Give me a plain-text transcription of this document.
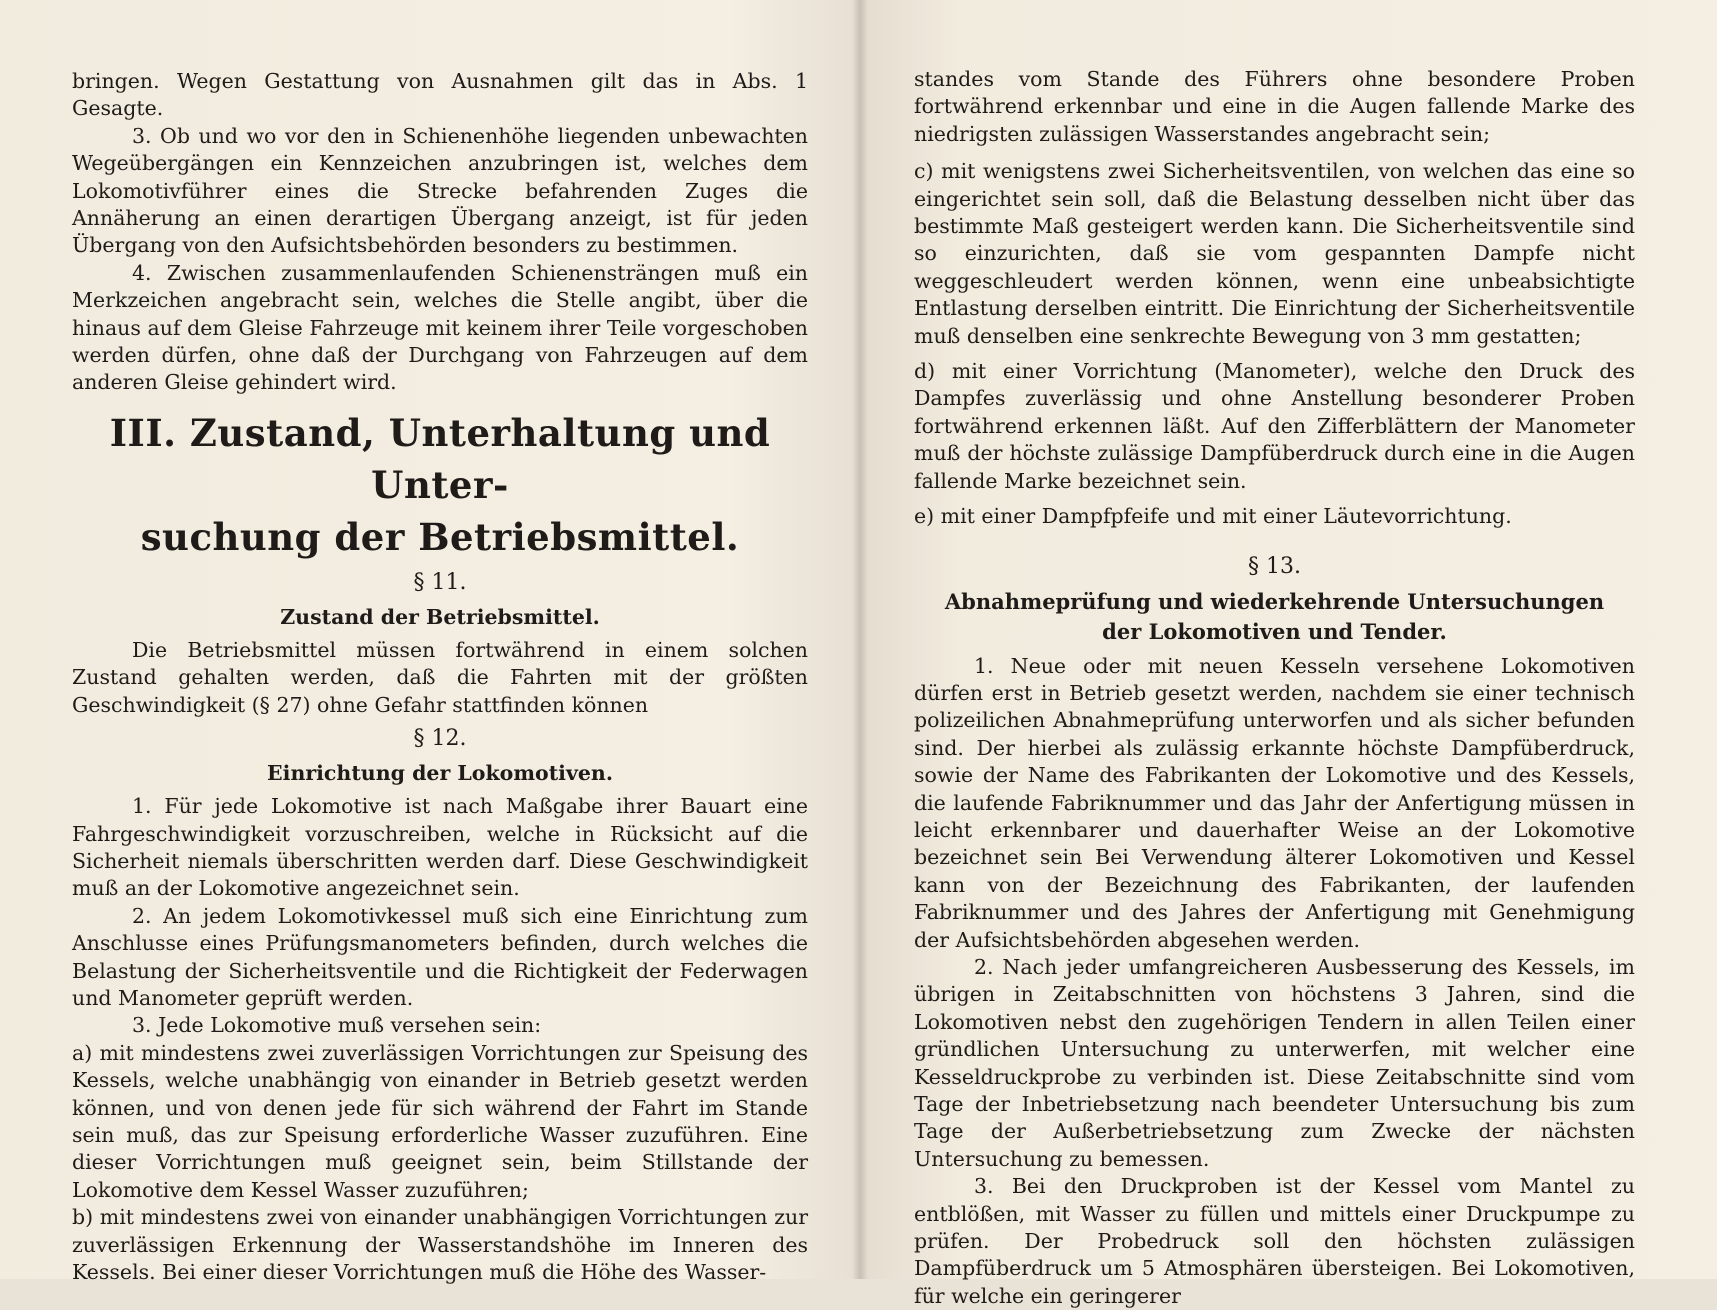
bringen. Wegen Gestattung von Ausnahmen gilt das in Abs. 1 Gesagte.

3. Ob und wo vor den in Schienenhöhe liegenden unbewachten Wegeübergängen ein Kennzeichen anzubringen ist, welches dem Lokomotivführer eines die Strecke befahrenden Zuges die Annäherung an einen derartigen Übergang anzeigt, ist für jeden Übergang von den Aufsichtsbehörden besonders zu bestimmen.

4. Zwischen zusammenlaufenden Schienensträngen muß ein Merkzeichen angebracht sein, welches die Stelle angibt, über die hinaus auf dem Gleise Fahrzeuge mit keinem ihrer Teile vorgeschoben werden dürfen, ohne daß der Durchgang von Fahrzeugen auf dem anderen Gleise gehindert wird.

III. Zustand, Unterhaltung und Unter-
suchung der Betriebsmittel.
§ 11.
Zustand der Betriebsmittel.

Die Betriebsmittel müssen fortwährend in einem solchen Zustand gehalten werden, daß die Fahrten mit der größten Geschwindigkeit (§ 27) ohne Gefahr stattfinden können

§ 12.
Einrichtung der Lokomotiven.

1. Für jede Lokomotive ist nach Maßgabe ihrer Bauart eine Fahrgeschwindigkeit vorzuschreiben, welche in Rücksicht auf die Sicherheit niemals überschritten werden darf. Diese Geschwindigkeit muß an der Lokomotive angezeichnet sein.

2. An jedem Lokomotivkessel muß sich eine Einrichtung zum Anschlusse eines Prüfungsmanometers befinden, durch welches die Belastung der Sicherheitsventile und die Richtigkeit der Federwagen und Manometer geprüft werden.

3. Jede Lokomotive muß versehen sein:

a) mit mindestens zwei zuverlässigen Vorrichtungen zur Speisung des Kessels, welche unabhängig von einander in Betrieb gesetzt werden können, und von denen jede für sich während der Fahrt im Stande sein muß, das zur Speisung erforderliche Wasser zuzuführen. Eine dieser Vorrichtungen muß geeignet sein, beim Stillstande der Lokomotive dem Kessel Wasser zuzuführen;

b) mit mindestens zwei von einander unabhängigen Vorrichtungen zur zuverlässigen Erkennung der Wasserstandshöhe im Inneren des Kessels. Bei einer dieser Vorrichtungen muß die Höhe des Wasser-

standes vom Stande des Führers ohne besondere Proben fortwährend erkennbar und eine in die Augen fallende Marke des niedrigsten zulässigen Wasserstandes angebracht sein;

c) mit wenigstens zwei Sicherheitsventilen, von welchen das eine so eingerichtet sein soll, daß die Belastung desselben nicht über das bestimmte Maß gesteigert werden kann. Die Sicherheitsventile sind so einzurichten, daß sie vom gespannten Dampfe nicht weggeschleudert werden können, wenn eine unbeabsichtigte Entlastung derselben eintritt. Die Einrichtung der Sicherheitsventile muß denselben eine senkrechte Bewegung von 3 mm gestatten;

d) mit einer Vorrichtung (Manometer), welche den Druck des Dampfes zuverlässig und ohne Anstellung besonderer Proben fortwährend erkennen läßt. Auf den Zifferblättern der Manometer muß der höchste zulässige Dampfüberdruck durch eine in die Augen fallende Marke bezeichnet sein.

e) mit einer Dampfpfeife und mit einer Läutevorrichtung.

§ 13.
Abnahmeprüfung und wiederkehrende Untersuchungen
der Lokomotiven und Tender.

1. Neue oder mit neuen Kesseln versehene Lokomotiven dürfen erst in Betrieb gesetzt werden, nachdem sie einer technisch polizeilichen Abnahmeprüfung unterworfen und als sicher befunden sind. Der hierbei als zulässig erkannte höchste Dampfüberdruck, sowie der Name des Fabrikanten der Lokomotive und des Kessels, die laufende Fabriknummer und das Jahr der Anfertigung müssen in leicht erkennbarer und dauerhafter Weise an der Lokomotive bezeichnet sein Bei Verwendung älterer Lokomotiven und Kessel kann von der Bezeichnung des Fabrikanten, der laufenden Fabriknummer und des Jahres der Anfertigung mit Genehmigung der Aufsichtsbehörden abgesehen werden.

2. Nach jeder umfangreicheren Ausbesserung des Kessels, im übrigen in Zeitabschnitten von höchstens 3 Jahren, sind die Lokomotiven nebst den zugehörigen Tendern in allen Teilen einer gründlichen Untersuchung zu unterwerfen, mit welcher eine Kesseldruckprobe zu verbinden ist. Diese Zeitabschnitte sind vom Tage der Inbetriebsetzung nach beendeter Untersuchung bis zum Tage der Außerbetriebsetzung zum Zwecke der nächsten Untersuchung zu bemessen.

3. Bei den Druckproben ist der Kessel vom Mantel zu entblößen, mit Wasser zu füllen und mittels einer Druckpumpe zu prüfen. Der Probedruck soll den höchsten zulässigen Dampfüberdruck um 5 Atmosphären übersteigen. Bei Lokomotiven, für welche ein geringerer
